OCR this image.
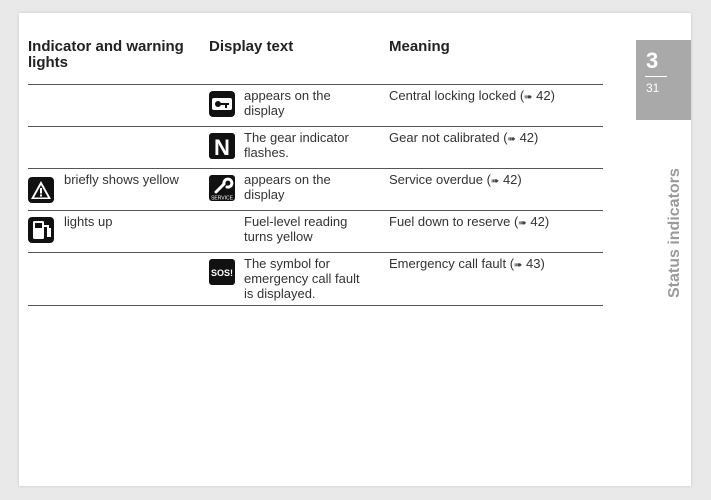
3
31
Status indicators
Indicator and warning lights
Display text	Meaning
appears on the display
Central locking locked (➠ 42)
N The gear indicator flashes.
Gear not calibrated (➠ 42)
briefly shows yellow
SERVICE
appears on the display
Service overdue (➠ 42)
lights up	Fuel-level reading turns yellow
Fuel down to reserve (➠ 42)
SOS!
The symbol for emergency call fault is displayed.
Emergency call fault (➠ 43)
